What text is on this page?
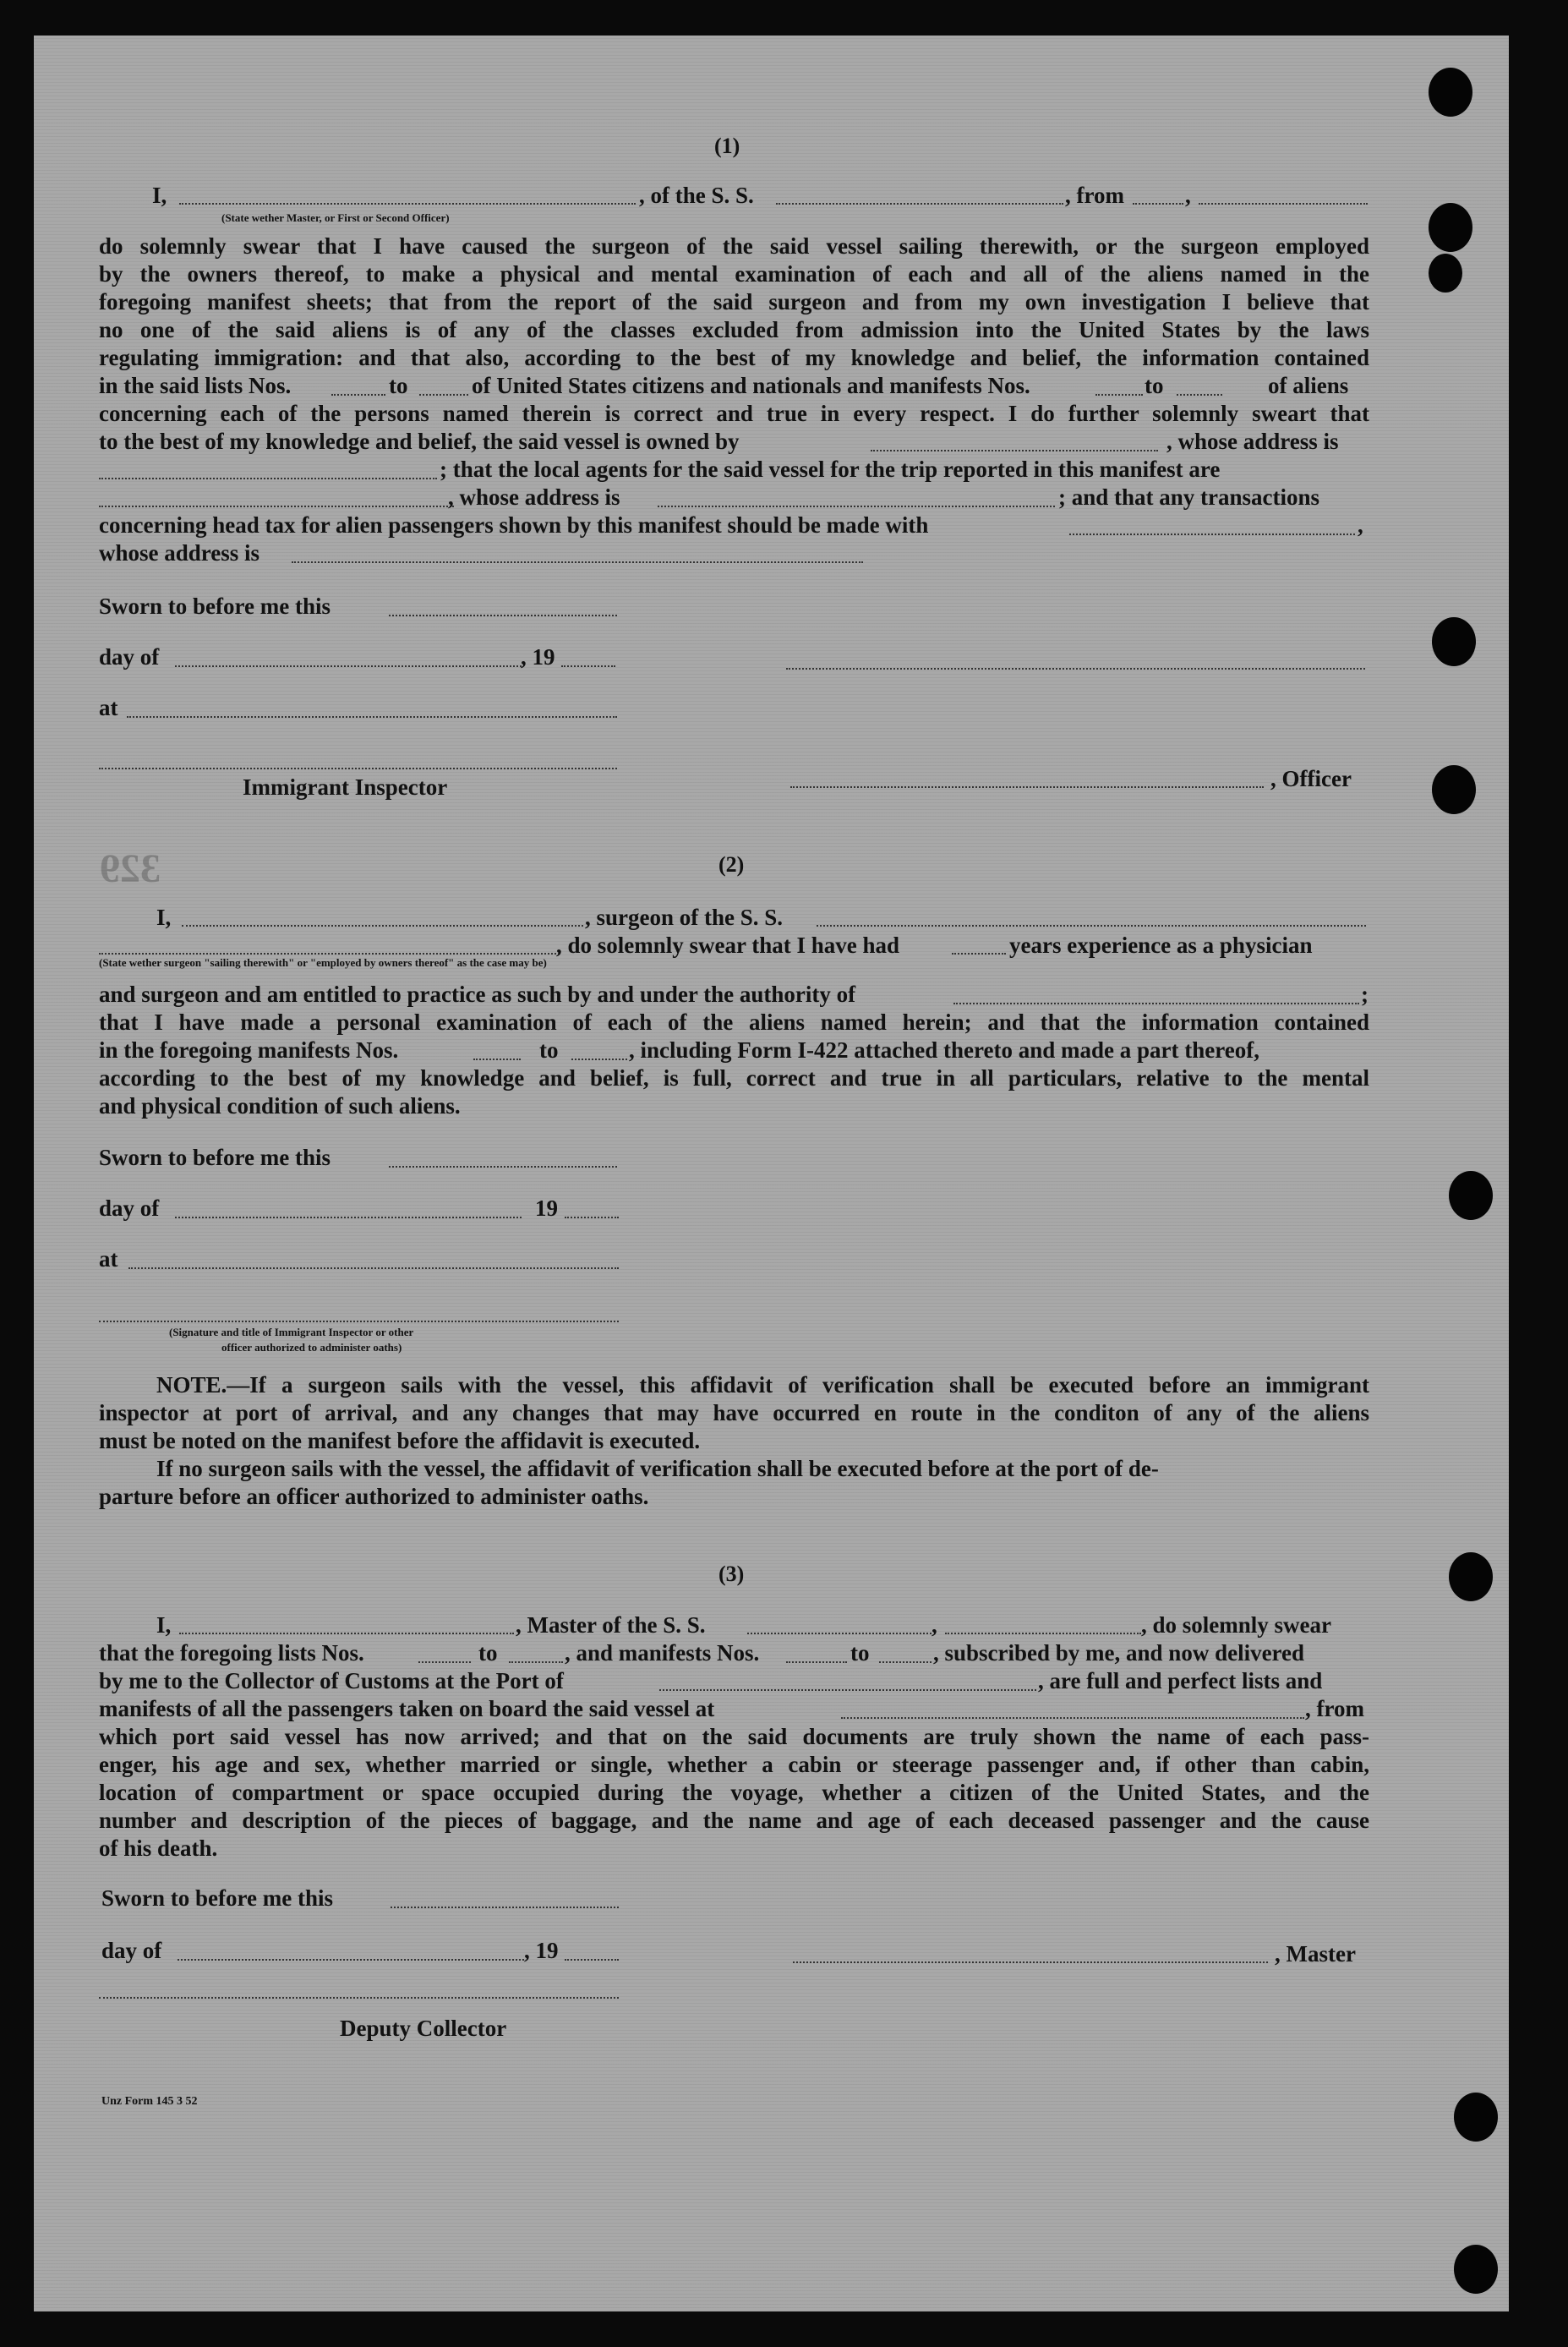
329
(1)
I,	, of the S. S.	, from	,
(State wether Master, or First or Second Officer)
do solemnly swear that I have caused the surgeon of the said vessel sailing therewith, or the surgeon employed
by the owners thereof, to make a physical and mental examination of each and all of the aliens named in the
foregoing manifest sheets; that from the report of the said surgeon and from my own investigation I believe that
no one of the said aliens is of any of the classes excluded from admission into the United States by the laws
regulating immigration: and that also, according to the best of my knowledge and belief, the information contained
in the said lists Nos.	to	of United States citizens and nationals and manifests Nos.	to	of aliens
concerning each of the persons named therein is correct and true in every respect. I do further solemnly sweart that
to the best of my knowledge and belief, the said vessel is owned by	, whose address is
; that the local agents for the said vessel for the trip reported in this manifest are
, whose address is	; and that any transactions
concerning head tax for alien passengers shown by this manifest should be made with	,
whose address is
Sworn to before me this
day of	, 19
at
Immigrant Inspector	, Officer
(2)
I,	, surgeon of the S. S.
, do solemnly swear that I have had	years experience as a physician
(State wether surgeon "sailing therewith" or "employed by owners thereof" as the case may be)
and surgeon and am entitled to practice as such by and under the authority of	;
that I have made a personal examination of each of the aliens named herein; and that the information contained
in the foregoing manifests Nos.	to	, including Form I-422 attached thereto and made a part thereof,
according to the best of my knowledge and belief, is full, correct and true in all particulars, relative to the mental
and physical condition of such aliens.
Sworn to before me this
day of	19
at
(Signature and title of Immigrant Inspector or other
officer authorized to administer oaths)
NOTE.—If a surgeon sails with the vessel, this affidavit of verification shall be executed before an immigrant
inspector at port of arrival, and any changes that may have occurred en route in the conditon of any of the aliens
must be noted on the manifest before the affidavit is executed.
If no surgeon sails with the vessel, the affidavit of verification shall be executed before at the port of de-
parture before an officer authorized to administer oaths.
(3)
I,	, Master of the S. S.	,	, do solemnly swear
that the foregoing lists Nos.	to	, and manifests Nos.	to	, subscribed by me, and now delivered
by me to the Collector of Customs at the Port of	, are full and perfect lists and
manifests of all the passengers taken on board the said vessel at	, from
which port said vessel has now arrived; and that on the said documents are truly shown the name of each pass-
enger, his age and sex, whether married or single, whether a cabin or steerage passenger and, if other than cabin,
location of compartment or space occupied during the voyage, whether a citizen of the United States, and the
number and description of the pieces of baggage, and the name and age of each deceased passenger and the cause
of his death.
Sworn to before me this
day of	, 19	, Master
Deputy Collector
Unz Form 145 3 52
